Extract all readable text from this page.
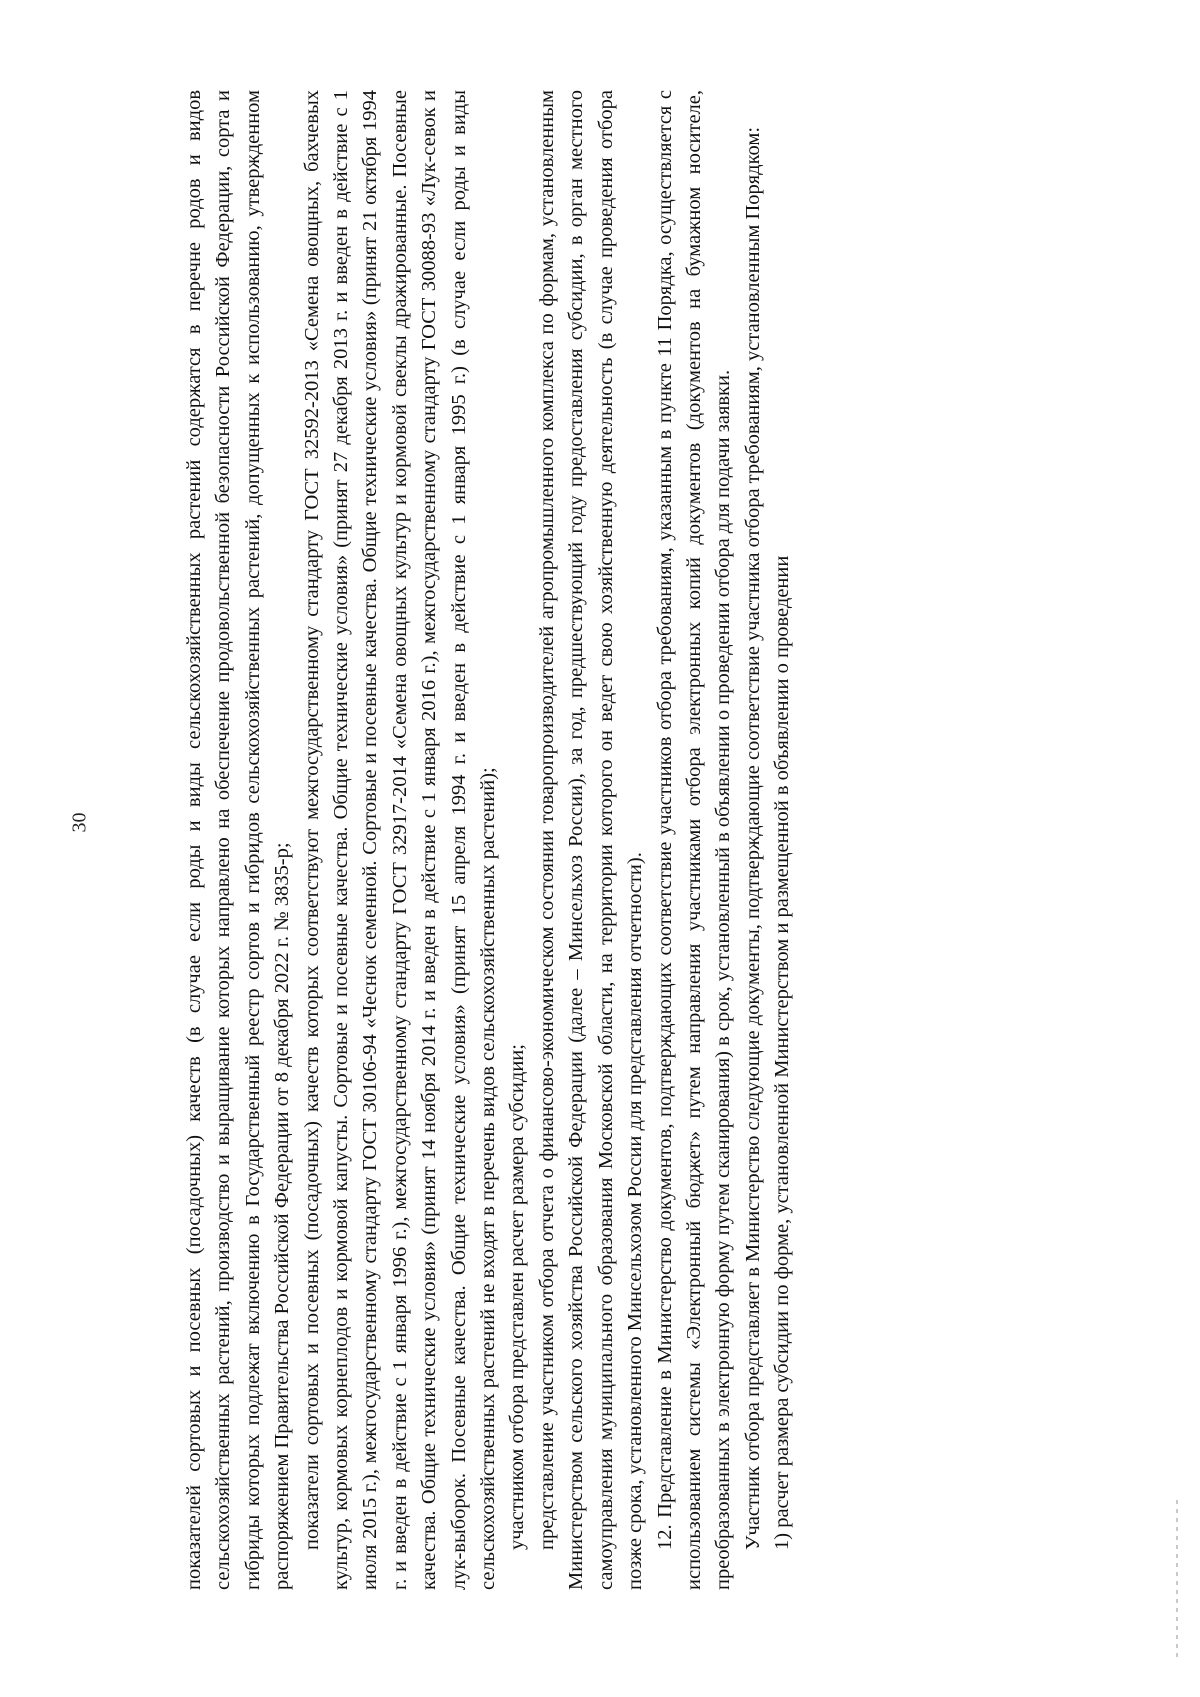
30	показателей сортовых и посевных (посадочных) качеств (в случае если роды и виды сельскохозяйственных растений содержатся в перечне родов и видов сельскохозяйственных растений, производство и выращивание которых направлено на обеспечение продовольственной безопасности Российской Федерации, сорта и гибриды которых подлежат включению в Государственный реестр сортов и гибридов сельскохозяйственных растений, допущенных к использованию, утвержденном распоряжением Правительства Российской Федерации от 8 декабря 2022 г. № 3835-р; показатели сортовых и посевных (посадочных) качеств которых соответствуют межгосударственному стандарту ГОСТ 32592-2013 «Семена овощных, бахчевых культур, кормовых корнеплодов и кормовой капусты. Сортовые и посевные качества. Общие технические условия» (принят 27 декабря 2013 г. и введен в действие с 1 июля 2015 г.), межгосударственному стандарту ГОСТ 30106-94 «Чеснок семенной. Сортовые и посевные качества. Общие технические условия» (принят 21 октября 1994 г. и введен в действие с 1 января 1996 г.), межгосударственному стандарту ГОСТ 32917-2014 «Семена овощных культур и кормовой свеклы дражированные. Посевные качества. Общие технические условия» (принят 14 ноября 2014 г. и введен в действие с 1 января 2016 г.), межгосударственному стандарту ГОСТ 30088-93 «Лук-севок и лук-выборок. Посевные качества. Общие технические условия» (принят 15 апреля 1994 г. и введен в действие с 1 января 1995 г.) (в случае если роды и виды сельскохозяйственных растений не входят в перечень видов сельскохозяйственных растений); участником отбора представлен расчет размера субсидии; представление участником отбора отчета о финансово-экономическом состоянии товаропроизводителей агропромышленного комплекса по формам, установленным Министерством сельского хозяйства Российской Федерации (далее – Минсельхоз России), за год, предшествующий году предоставления субсидии, в орган местного самоуправления муниципального образования Московской области, на территории которого он ведет свою хозяйственную деятельность (в случае проведения отбора позже срока, установленного Минсельхозом России для представления отчетности). 12. Представление в Министерство документов, подтверждающих соответствие участников отбора требованиям, указанным в пункте 11 Порядка, осуществляется с использованием системы «Электронный бюджет» путем направления участниками отбора электронных копий документов (документов на бумажном носителе, преобразованных в электронную форму путем сканирования) в срок, установленный в объявлении о проведении отбора для подачи заявки. Участник отбора представляет в Министерство следующие документы, подтверждающие соответствие участника отбора требованиям, установленным Порядком: 1) расчет размера субсидии по форме, установленной Министерством и размещенной в объявлении о проведении
